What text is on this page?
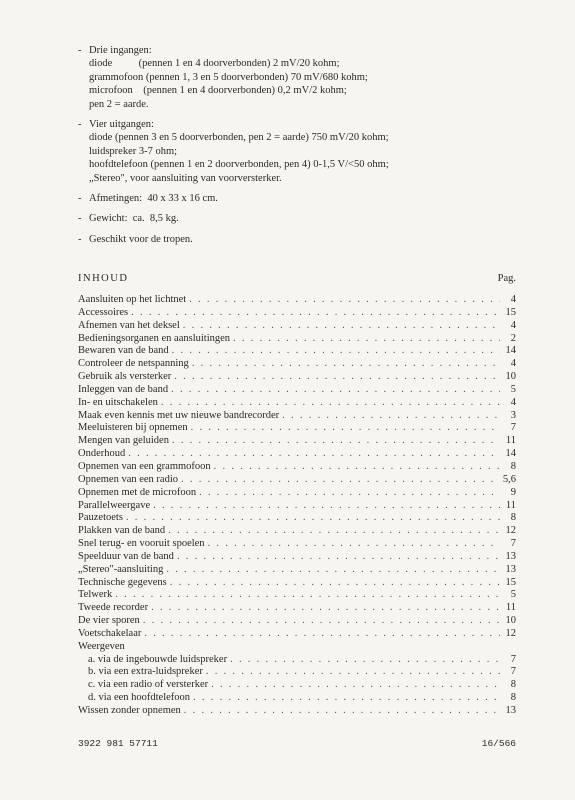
- Drie ingangen:
diode          (pennen 1 en 4 doorverbonden) 2 mV/20 kohm;
grammofoon (pennen 1, 3 en 5 doorverbonden) 70 mV/680 kohm;
microfoon    (pennen 1 en 4 doorverbonden) 0,2 mV/2 kohm;
pen 2 = aarde.
- Vier uitgangen:
diode (pennen 3 en 5 doorverbonden, pen 2 = aarde) 750 mV/20 kohm;
luidspreker 3-7 ohm;
hoofdtelefoon (pennen 1 en 2 doorverbonden, pen 4) 0-1,5 V/<50 ohm;
„Stereo", voor aansluiting van voorversterker.
- Afmetingen:  40 x 33 x 16 cm.
- Gewicht:  ca.  8,5 kg.
- Geschikt voor de tropen.
INHOUD	Pag.
Aansluiten op het lichtnet . . .	4
Accessoires . . .	15
Afnemen van het deksel . . .	4
Bedieningsorganen en aansluitingen . . .	2
Bewaren van de band . . .	14
Controleer de netspanning . . .	4
Gebruik als versterker . . .	10
Inleggen van de band . . .	5
In- en uitschakelen . . .	4
Maak even kennis met uw nieuwe bandrecorder . . .	3
Meeluisteren bij opnemen . . .	7
Mengen van geluiden . . .	11
Onderhoud . . .	14
Opnemen van een grammofoon . . .	8
Opnemen van een radio . . .	5,6
Opnemen met de microfoon . . .	9
Parallelweergave . . .	11
Pauzetoets . . .	8
Plakken van de band . . .	12
Snel terug- en vooruit spoelen . . .	7
Speelduur van de band . . .	13
„Stereo"-aansluiting . . .	13
Technische gegevens . . .	15
Telwerk . . .	5
Tweede recorder . . .	11
De vier sporen . . .	10
Voetschakelaar . . .	12
Weergeven
a. via de ingebouwde luidspreker . . .	7
b. via een extra-luidspreker . . .	7
c. via een radio of versterker . . .	8
d. via een hoofdtelefoon . . .	8
Wissen zonder opnemen . . .	13
3922 981 57711	16/566
